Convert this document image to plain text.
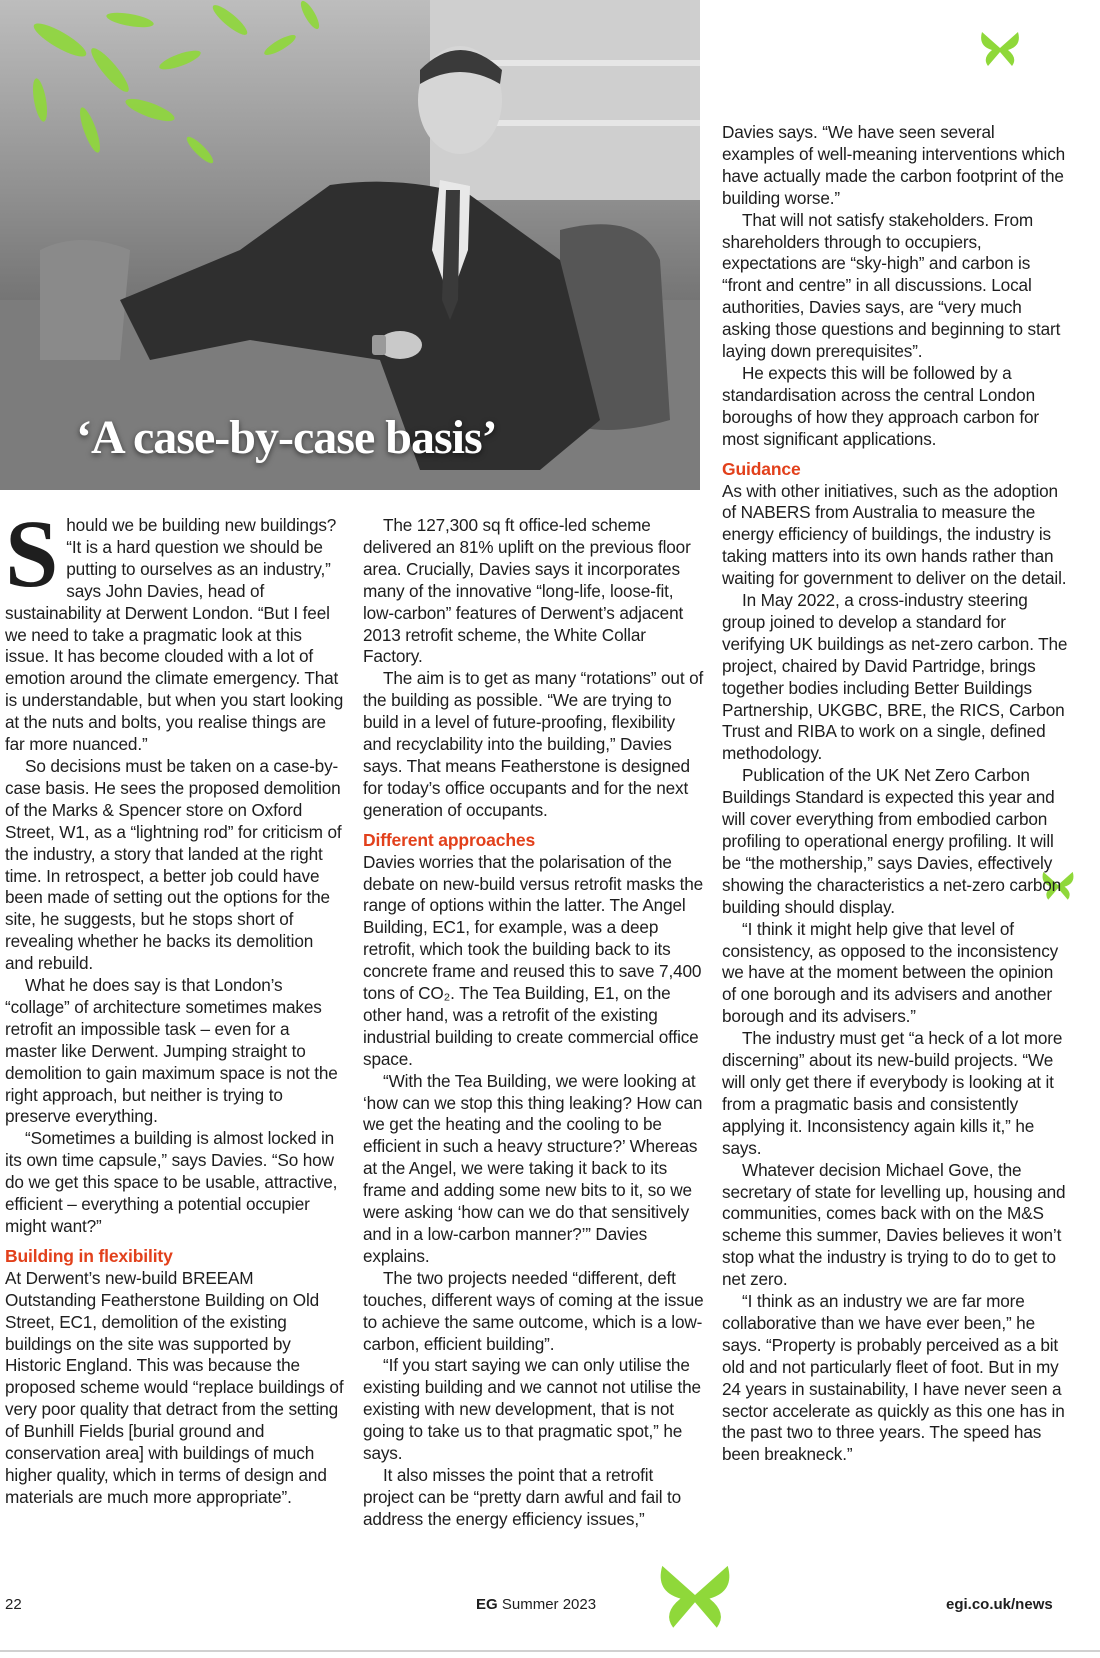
‘A case-by-case basis’

Should we be building new buildings? “It is a hard question we should be putting to ourselves as an industry,” says John Davies, head of sustainability at Derwent London. “But I feel we need to take a pragmatic look at this issue. It has become clouded with a lot of emotion around the climate emergency. That is understandable, but when you start looking at the nuts and bolts, you realise things are far more nuanced.”

So decisions must be taken on a case-by-case basis. He sees the proposed demolition of the Marks & Spencer store on Oxford Street, W1, as a “lightning rod” for criticism of the industry, a story that landed at the right time. In retrospect, a better job could have been made of setting out the options for the site, he suggests, but he stops short of revealing whether he backs its demolition and rebuild.

What he does say is that London’s “collage” of architecture sometimes makes retrofit an impossible task – even for a master like Derwent. Jumping straight to demolition to gain maximum space is not the right approach, but neither is trying to preserve everything.

“Sometimes a building is almost locked in its own time capsule,” says Davies. “So how do we get this space to be usable, attractive, efficient – everything a potential occupier might want?”

Building in flexibility

At Derwent’s new-build BREEAM Outstanding Featherstone Building on Old Street, EC1, demolition of the existing buildings on the site was supported by Historic England. This was because the proposed scheme would “replace buildings of very poor quality that detract from the setting of Bunhill Fields [burial ground and conservation area] with buildings of much higher quality, which in terms of design and materials are much more appropriate”.

The 127,300 sq ft office-led scheme delivered an 81% uplift on the previous floor area. Crucially, Davies says it incorporates many of the innovative “long-life, loose-fit, low-carbon” features of Derwent’s adjacent 2013 retrofit scheme, the White Collar Factory.

The aim is to get as many “rotations” out of the building as possible. “We are trying to build in a level of future-proofing, flexibility and recyclability into the building,” Davies says. That means Featherstone is designed for today’s office occupants and for the next generation of occupants.

Different approaches

Davies worries that the polarisation of the debate on new-build versus retrofit masks the range of options within the latter. The Angel Building, EC1, for example, was a deep retrofit, which took the building back to its concrete frame and reused this to save 7,400 tons of CO₂. The Tea Building, E1, on the other hand, was a retrofit of the existing industrial building to create commercial office space.

“With the Tea Building, we were looking at ‘how can we stop this thing leaking? How can we get the heating and the cooling to be efficient in such a heavy structure?’ Whereas at the Angel, we were taking it back to its frame and adding some new bits to it, so we were asking ‘how can we do that sensitively and in a low-carbon manner?’” Davies explains.

The two projects needed “different, deft touches, different ways of coming at the issue to achieve the same outcome, which is a low-carbon, efficient building”.

“If you start saying we can only utilise the existing building and we cannot not utilise the existing with new development, that is not going to take us to that pragmatic spot,” he says.

It also misses the point that a retrofit project can be “pretty darn awful and fail to address the energy efficiency issues,”

Davies says. “We have seen several examples of well-meaning interventions which have actually made the carbon footprint of the building worse.”

That will not satisfy stakeholders. From shareholders through to occupiers, expectations are “sky-high” and carbon is “front and centre” in all discussions. Local authorities, Davies says, are “very much asking those questions and beginning to start laying down prerequisites”.

He expects this will be followed by a standardisation across the central London boroughs of how they approach carbon for most significant applications.

Guidance

As with other initiatives, such as the adoption of NABERS from Australia to measure the energy efficiency of buildings, the industry is taking matters into its own hands rather than waiting for government to deliver on the detail.

In May 2022, a cross-industry steering group joined to develop a standard for verifying UK buildings as net-zero carbon. The project, chaired by David Partridge, brings together bodies including Better Buildings Partnership, UKGBC, BRE, the RICS, Carbon Trust and RIBA to work on a single, defined methodology.

Publication of the UK Net Zero Carbon Buildings Standard is expected this year and will cover everything from embodied carbon profiling to operational energy profiling. It will be “the mothership,” says Davies, effectively showing the characteristics a net-zero carbon building should display.

“I think it might help give that level of consistency, as opposed to the inconsistency we have at the moment between the opinion of one borough and its advisers and another borough and its advisers.”

The industry must get “a heck of a lot more discerning” about its new-build projects. “We will only get there if everybody is looking at it from a pragmatic basis and consistently applying it. Inconsistency again kills it,” he says.

Whatever decision Michael Gove, the secretary of state for levelling up, housing and communities, comes back with on the M&S scheme this summer, Davies believes it won’t stop what the industry is trying to do to get to net zero.

“I think as an industry we are far more collaborative than we have ever been,” he says. “Property is probably perceived as a bit old and not particularly fleet of foot. But in my 24 years in sustainability, I have never seen a sector accelerate as quickly as this one has in the past two to three years. The speed has been breakneck.”

22	EG Summer 2023	egi.co.uk/news
